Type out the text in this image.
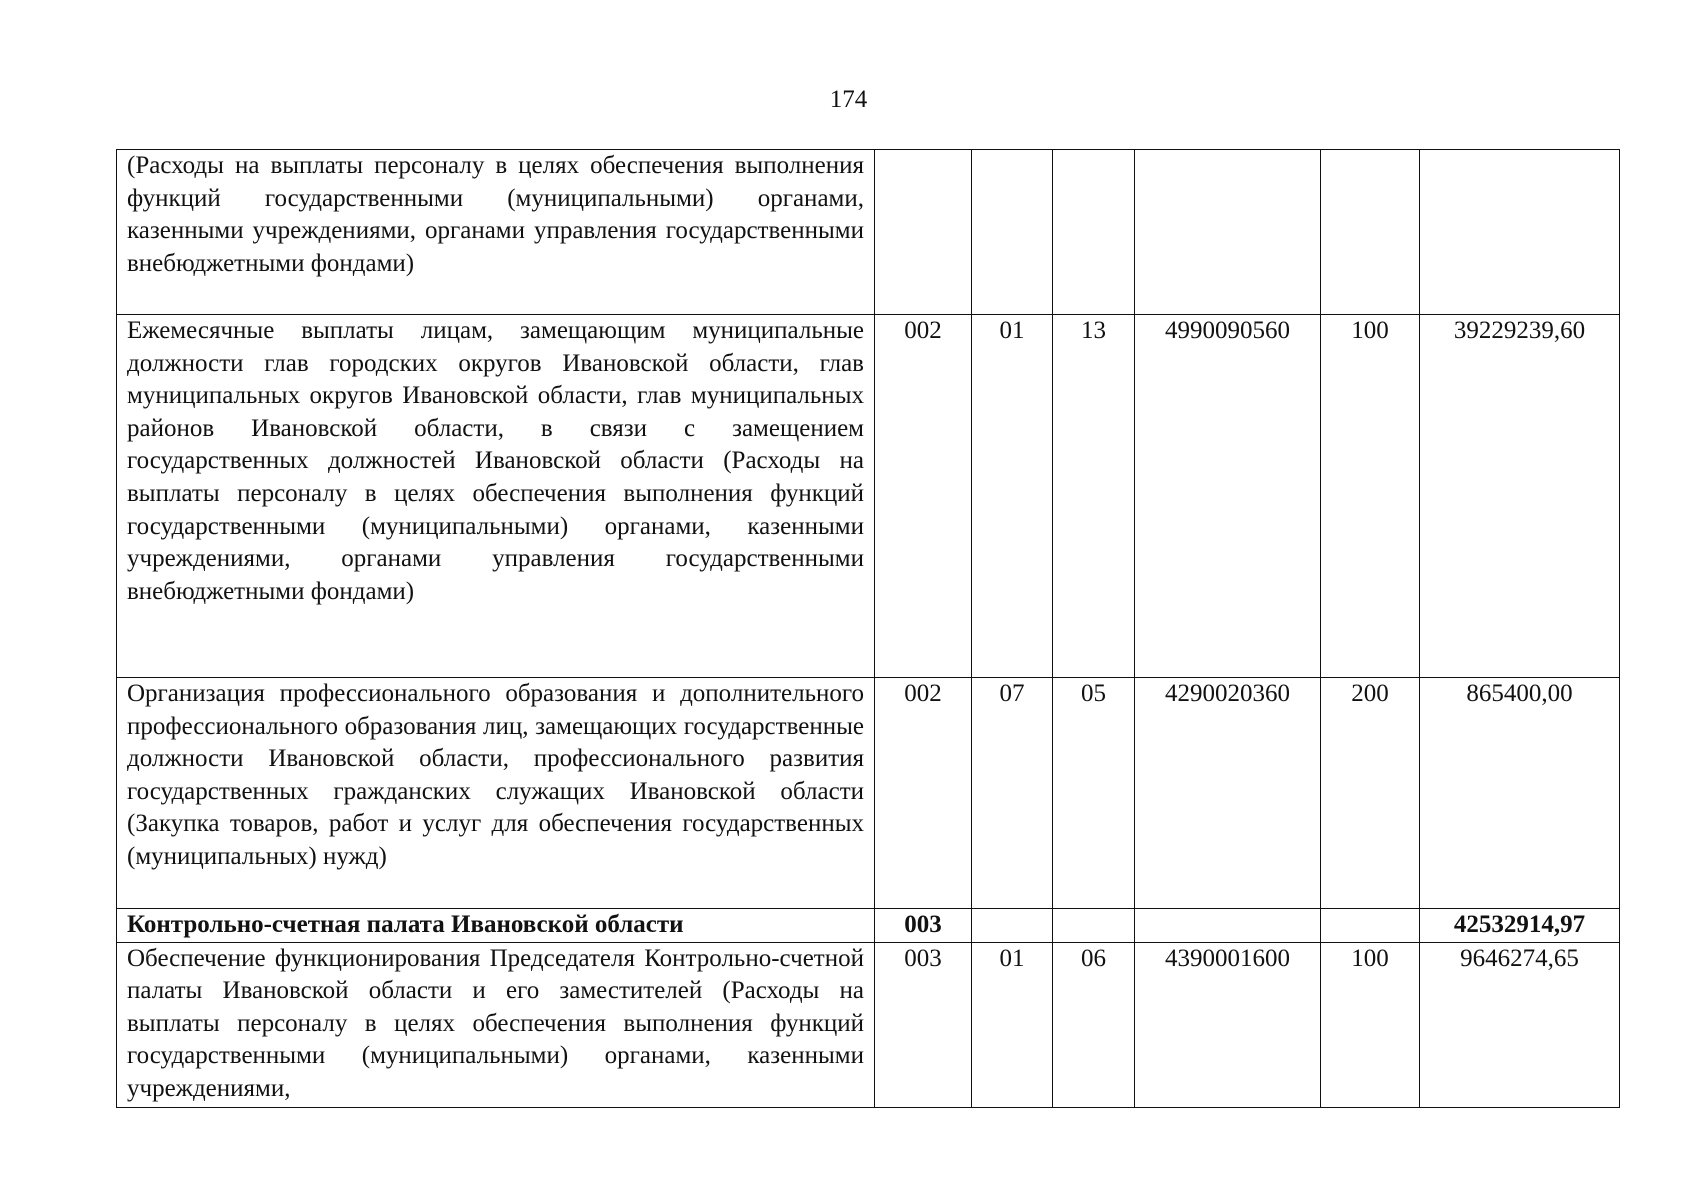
174
(Расходы на выплаты персоналу в целях обеспечения выполнения функций государственными (муниципальными) органами, казенными учреждениями, органами управления государственными внебюджетными фондами)						
Ежемесячные выплаты лицам, замещающим муниципальные должности глав городских округов Ивановской области, глав муниципальных округов Ивановской области, глав муниципальных районов Ивановской области, в связи с замещением государственных должностей Ивановской области (Расходы на выплаты персоналу в целях обеспечения выполнения функций государственными (муниципальными) органами, казенными учреждениями, органами управления государственными внебюджетными фондами)	002	01	13	4990090560	100	39229239,60
Организация профессионального образования и дополнительного профессионального образования лиц, замещающих государственные должности Ивановской области, профессионального развития государственных гражданских служащих Ивановской области (Закупка товаров, работ и услуг для обеспечения государственных (муниципальных) нужд)	002	07	05	4290020360	200	865400,00
Контрольно-счетная палата Ивановской области	003					42532914,97
Обеспечение функционирования Председателя Контрольно-счетной палаты Ивановской области и его заместителей (Расходы на выплаты персоналу в целях обеспечения выполнения функций государственными (муниципальными) органами, казенными учреждениями,	003	01	06	4390001600	100	9646274,65
